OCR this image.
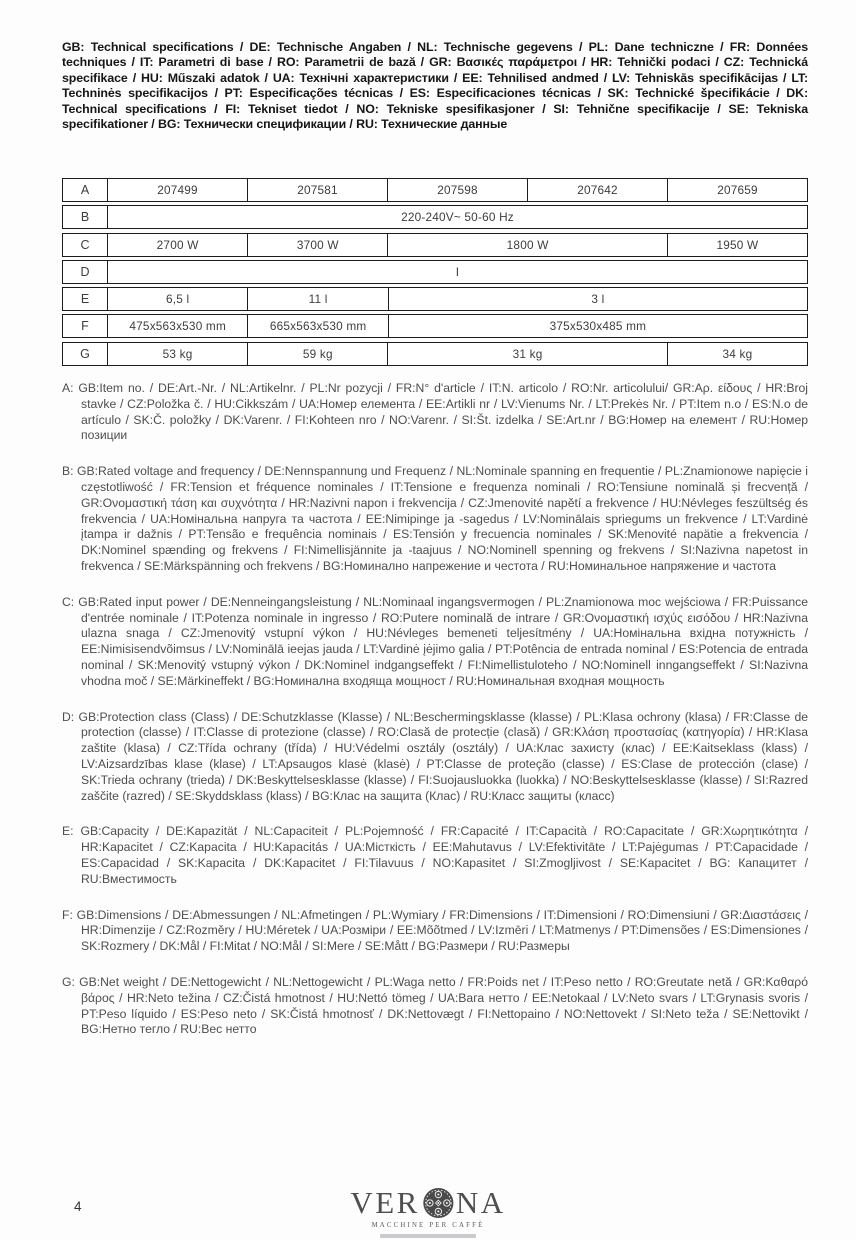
GB: Technical specifications / DE: Technische Angaben / NL: Technische gegevens / PL: Dane techniczne / FR: Données techniques / IT: Parametri di base / RO: Parametrii de bază / GR: Βασικές παράμετροι / HR: Tehnički podaci / CZ: Technická specifikace / HU: Műszaki adatok / UA: Технічні характеристики / EE: Tehnilised andmed / LV: Tehniskās specifikācijas / LT: Techninės specifikacijos / PT: Especificações técnicas / ES: Especificaciones técnicas / SK: Technické špecifikácie / DK: Technical specifications / FI: Tekniset tiedot / NO: Tekniske spesifikasjoner / SI: Tehnične specifikacije / SE: Tekniska specifikationer / BG: Технически спецификации / RU: Технические данные

A	207499	207581	207598	207642	207659
B	220-240V~ 50-60 Hz
C	2700 W	3700 W	1800 W	1950 W
D	I
E	6,5 l	11 l	3 l
F	475x563x530 mm	665x563x530 mm	375x530x485 mm
G	53 kg	59 kg	31 kg	34 kg

A: GB:Item no. / DE:Art.-Nr. / NL:Artikelnr. / PL:Nr pozycji / FR:N° d'article / IT:N. articolo / RO:Nr. articolului/ GR:Αρ. είδους / HR:Broj stavke / CZ:Položka č. / HU:Cikkszám / UA:Номер елемента / EE:Artikli nr / LV:Vienums Nr. / LT:Prekės Nr. / PT:Item n.o / ES:N.o de artículo / SK:Č. položky / DK:Varenr. / FI:Kohteen nro / NO:Varenr. / SI:Št. izdelka / SE:Art.nr / BG:Номер на елемент / RU:Номер позиции

B: GB:Rated voltage and frequency / DE:Nennspannung und Frequenz / NL:Nominale spanning en frequentie / PL:Znamionowe napięcie i częstotliwość / FR:Tension et fréquence nominales / IT:Tensione e frequenza nominali / RO:Tensiune nominală și frecvență / GR:Ονομαστική τάση και συχνότητα / HR:Nazivni napon i frekvencija / CZ:Jmenovité napětí a frekvence / HU:Névleges feszültség és frekvencia / UA:Номінальна напруга та частота / EE:Nimipinge ja -sagedus / LV:Nominālais spriegums un frekvence / LT:Vardinė įtampa ir dažnis / PT:Tensão e frequência nominais / ES:Tensión y frecuencia nominales / SK:Menovité napätie a frekvencia / DK:Nominel spænding og frekvens / FI:Nimellisjännite ja -taajuus / NO:Nominell spenning og frekvens / SI:Nazivna napetost in frekvenca / SE:Märkspänning och frekvens / BG:Номинално напрежение и честота / RU:Номинальное напряжение и частота

C: GB:Rated input power / DE:Nenneingangsleistung / NL:Nominaal ingangsvermogen / PL:Znamionowa moc wejściowa / FR:Puissance d'entrée nominale / IT:Potenza nominale in ingresso / RO:Putere nominală de intrare / GR:Ονομαστική ισχύς εισόδου / HR:Nazivna ulazna snaga / CZ:Jmenovitý vstupní výkon / HU:Névleges bemeneti teljesítmény / UA:Номінальна вхідна потужність / EE:Nimisisendvõimsus / LV:Nominālā ieejas jauda / LT:Vardinė įėjimo galia / PT:Potência de entrada nominal / ES:Potencia de entrada nominal / SK:Menovitý vstupný výkon / DK:Nominel indgangseffekt / FI:Nimellistuloteho / NO:Nominell inngangseffekt / SI:Nazivna vhodna moč / SE:Märkineffekt / BG:Номинална входяща мощност / RU:Номинальная входная мощность

D: GB:Protection class (Class) / DE:Schutzklasse (Klasse) / NL:Beschermingsklasse (klasse) / PL:Klasa ochrony (klasa) / FR:Classe de protection (classe) / IT:Classe di protezione (classe) / RO:Clasă de protecție (clasă) / GR:Κλάση προστασίας (κατηγορία) / HR:Klasa zaštite (klasa) / CZ:Třída ochrany (třída) / HU:Védelmi osztály (osztály) / UA:Клас захисту (клас) / EE:Kaitseklass (klass) / LV:Aizsardzības klase (klase) / LT:Apsaugos klasė (klasė) / PT:Classe de proteção (classe) / ES:Clase de protección (clase) / SK:Trieda ochrany (trieda) / DK:Beskyttelsesklasse (klasse) / FI:Suojausluokka (luokka) / NO:Beskyttelsesklasse (klasse) / SI:Razred zaščite (razred) / SE:Skyddsklass (klass) / BG:Клас на защита (Клас) / RU:Класс защиты (класс)

E: GB:Capacity / DE:Kapazität / NL:Capaciteit / PL:Pojemność / FR:Capacité / IT:Capacità / RO:Capacitate / GR:Χωρητικότητα / HR:Kapacitet / CZ:Kapacita / HU:Kapacitás / UA:Місткість / EE:Mahutavus / LV:Efektivitāte / LT:Pajėgumas / PT:Capacidade / ES:Capacidad / SK:Kapacita / DK:Kapacitet / FI:Tilavuus / NO:Kapasitet / SI:Zmogljivost / SE:Kapacitet / BG: Капацитет / RU:Вместимость

F: GB:Dimensions / DE:Abmessungen / NL:Afmetingen / PL:Wymiary / FR:Dimensions / IT:Dimensioni / RO:Dimensiuni / GR:Διαστάσεις / HR:Dimenzije / CZ:Rozměry / HU:Méretek / UA:Розміри / EE:Mõõtmed / LV:Izmēri / LT:Matmenys / PT:Dimensões / ES:Dimensiones / SK:Rozmery / DK:Mål / FI:Mitat / NO:Mål / SI:Mere / SE:Mått / BG:Размери / RU:Размеры

G: GB:Net weight / DE:Nettogewicht / NL:Nettogewicht / PL:Waga netto / FR:Poids net / IT:Peso netto / RO:Greutate netă / GR:Καθαρό βάρος / HR:Neto težina / CZ:Čistá hmotnost / HU:Nettó tömeg / UA:Вага нетто / EE:Netokaal / LV:Neto svars / LT:Grynasis svoris / PT:Peso líquido / ES:Peso neto / SK:Čistá hmotnosť / DK:Nettovægt / FI:Nettopaino / NO:Nettovekt / SI:Neto teža / SE:Nettovikt / BG:Нетно тегло / RU:Вес нетто

4	VER NA
MACCHINE PER CAFFÈ
